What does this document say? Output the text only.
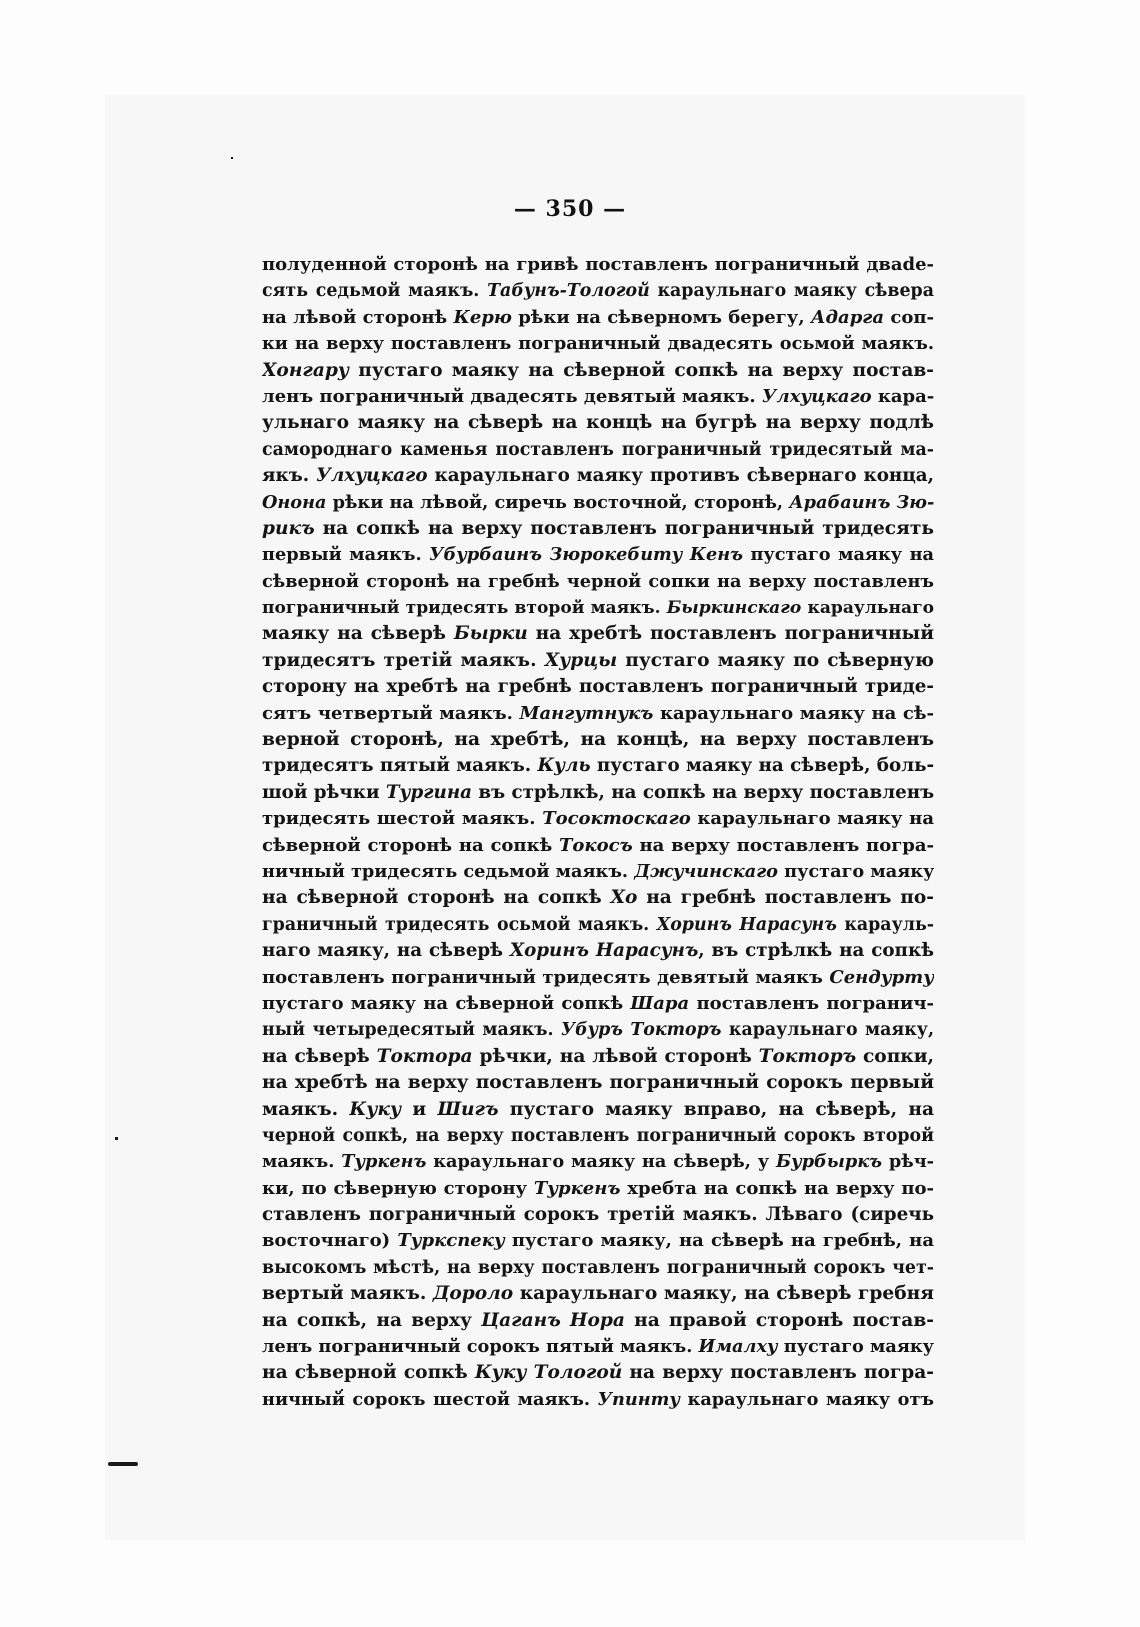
— 350 —
полуденной сторонѣ на гривѣ поставленъ пограничный двade-
сять седьмой маякъ. Табунъ-Тологой караульнаго маяку сѣвера
на лѣвой сторонѣ Керю рѣки на сѣверномъ берегу, Адарга соп-
ки на верху поставленъ пограничный двадесять осьмой маякъ.
Хонгару пустаго маяку на сѣверной сопкѣ на верху постав-
ленъ пограничный двадесять девятый маякъ. Улхуцкаго кара-
ульнаго маяку на сѣверѣ на концѣ на бугрѣ на верху подлѣ
самороднаго каменья поставленъ пограничный тридесятый ма-
якъ. Улхуцкаго караульнаго маяку противъ сѣвернаго конца,
Онона рѣки на лѣвой, сиречь восточной, сторонѣ, Арабаинъ Зю-
рикъ на сопкѣ на верху поставленъ пограничный тридесять
первый маякъ. Убурбаинъ Зюрокебиту Кенъ пустаго маяку на
сѣверной сторонѣ на гребнѣ черной сопки на верху поставленъ
пограничный тридесять второй маякъ. Быркинскаго караульнаго
маяку на сѣверѣ Бырки на хребтѣ поставленъ пограничный
тридесятъ третій маякъ. Хурцы пустаго маяку по сѣверную
сторону на хребтѣ на гребнѣ поставленъ пограничный триде-
сятъ четвертый маякъ. Мангутнукъ караульнаго маяку на сѣ-
верной сторонѣ, на хребтѣ, на концѣ, на верху поставленъ
тридесятъ пятый маякъ. Куль пустаго маяку на сѣверѣ, боль-
шой рѣчки Тургина въ стрѣлкѣ, на сопкѣ на верху поставленъ
тридесять шестой маякъ. Тосоктоскаго караульнаго маяку на
сѣверной сторонѣ на сопкѣ Токосъ на верху поставленъ погра-
ничный тридесять седьмой маякъ. Джучинскаго пустаго маяку
на сѣверной сторонѣ на сопкѣ Хо на гребнѣ поставленъ по-
граничный тридесять осьмой маякъ. Хоринъ Нарасунъ карауль-
наго маяку, на сѣверѣ Хоринъ Нарасунъ, въ стрѣлкѣ на сопкѣ
поставленъ пограничный тридесять девятый маякъ Сендурту
пустаго маяку на сѣверной сопкѣ Шара поставленъ погранич-
ный четыредесятый маякъ. Убуръ Токторъ караульнаго маяку,
на сѣверѣ Токтора рѣчки, на лѣвой сторонѣ Токторъ сопки,
на хребтѣ на верху поставленъ пограничный сорокъ первый
маякъ. Куку и Шигъ пустаго маяку вправо, на сѣверѣ, на
черной сопкѣ, на верху поставленъ пограничный сорокъ второй
маякъ. Туркенъ караульнаго маяку на сѣверѣ, у Бурбыркъ рѣч-
ки, по сѣверную сторону Туркенъ хребта на сопкѣ на верху по-
ставленъ пограничный сорокъ третій маякъ. Лѣваго (сиречь
восточнаго) Турксneку пустаго маяку, на сѣверѣ на гребнѣ, на
высокомъ мѣстѣ, на верху поставленъ пограничный сорокъ чет-
вертый маякъ. Дороло караульнаго маяку, на сѣверѣ гребня
на сопкѣ, на верху Цаганъ Нора на правой сторонѣ постав-
ленъ пограничный сорокъ пятый маякъ. Ималху пустаго маяку
на сѣверной сопкѣ Куку Тологой на верху поставленъ погра-
ничный сорокъ шестой маякъ. Упинту караульнаго маяку отъ
